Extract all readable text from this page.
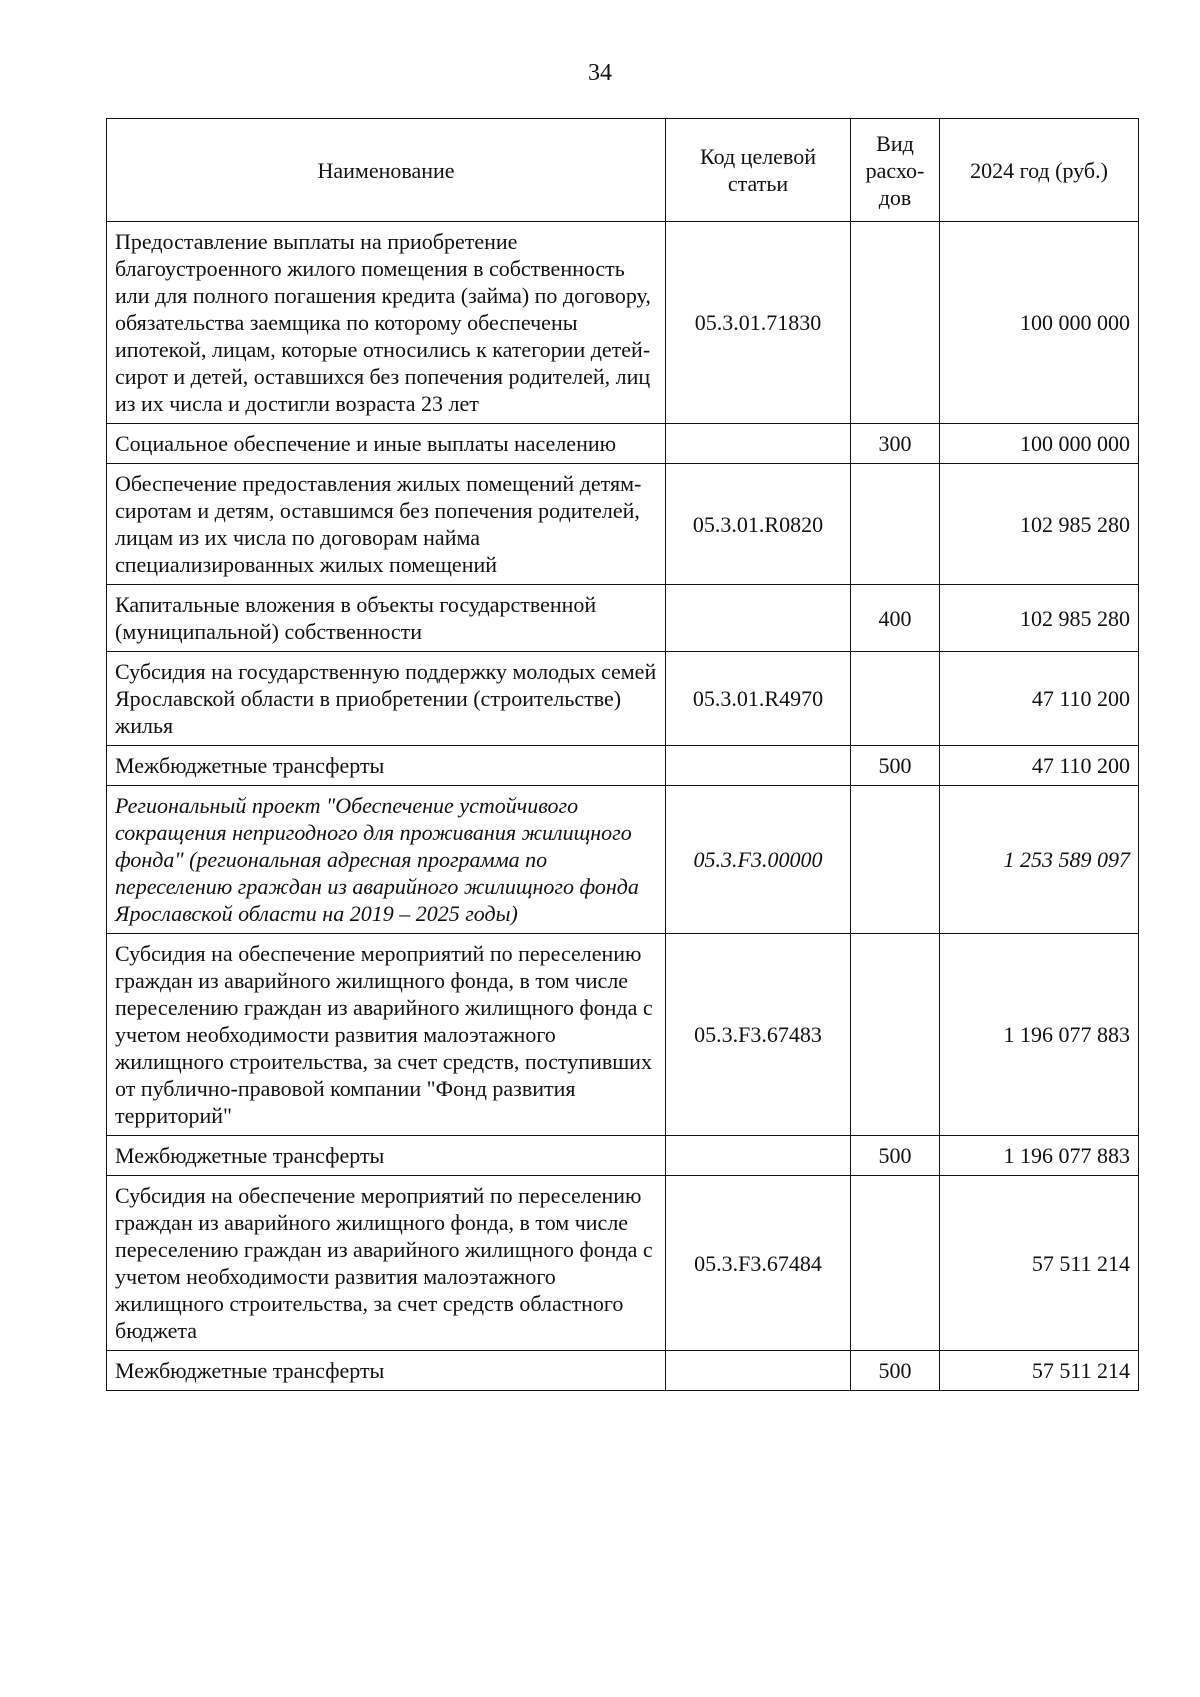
34
Наименование	Код целевой статьи	Вид расхо-дов	2024 год (руб.)
Предоставление выплаты на приобретение благоустроенного жилого помещения в собственность или для полного погашения кредита (займа) по договору, обязательства заемщика по которому обеспечены ипотекой, лицам, которые относились к категории детей-сирот и детей, оставшихся без попечения родителей, лиц из их числа и достигли возраста 23 лет	05.3.01.71830		100 000 000
Социальное обеспечение и иные выплаты населению		300	100 000 000
Обеспечение предоставления жилых помещений детям-сиротам и детям, оставшимся без попечения родителей, лицам из их числа по договорам найма специализированных жилых помещений	05.3.01.R0820		102 985 280
Капитальные вложения в объекты государственной (муниципальной) собственности		400	102 985 280
Субсидия на государственную поддержку молодых семей Ярославской области в приобретении (строительстве) жилья	05.3.01.R4970		47 110 200
Межбюджетные трансферты		500	47 110 200
Региональный проект "Обеспечение устойчивого сокращения непригодного для проживания жилищного фонда" (региональная адресная программа по переселению граждан из аварийного жилищного фонда Ярославской области на 2019 – 2025 годы)	05.3.F3.00000		1 253 589 097
Субсидия на обеспечение мероприятий по переселению граждан из аварийного жилищного фонда, в том числе переселению граждан из аварийного жилищного фонда с учетом необходимости развития малоэтажного жилищного строительства, за счет средств, поступивших от публично-правовой компании "Фонд развития территорий"	05.3.F3.67483		1 196 077 883
Межбюджетные трансферты		500	1 196 077 883
Субсидия на обеспечение мероприятий по переселению граждан из аварийного жилищного фонда, в том числе переселению граждан из аварийного жилищного фонда с учетом необходимости развития малоэтажного жилищного строительства, за счет средств областного бюджета	05.3.F3.67484		57 511 214
Межбюджетные трансферты		500	57 511 214
